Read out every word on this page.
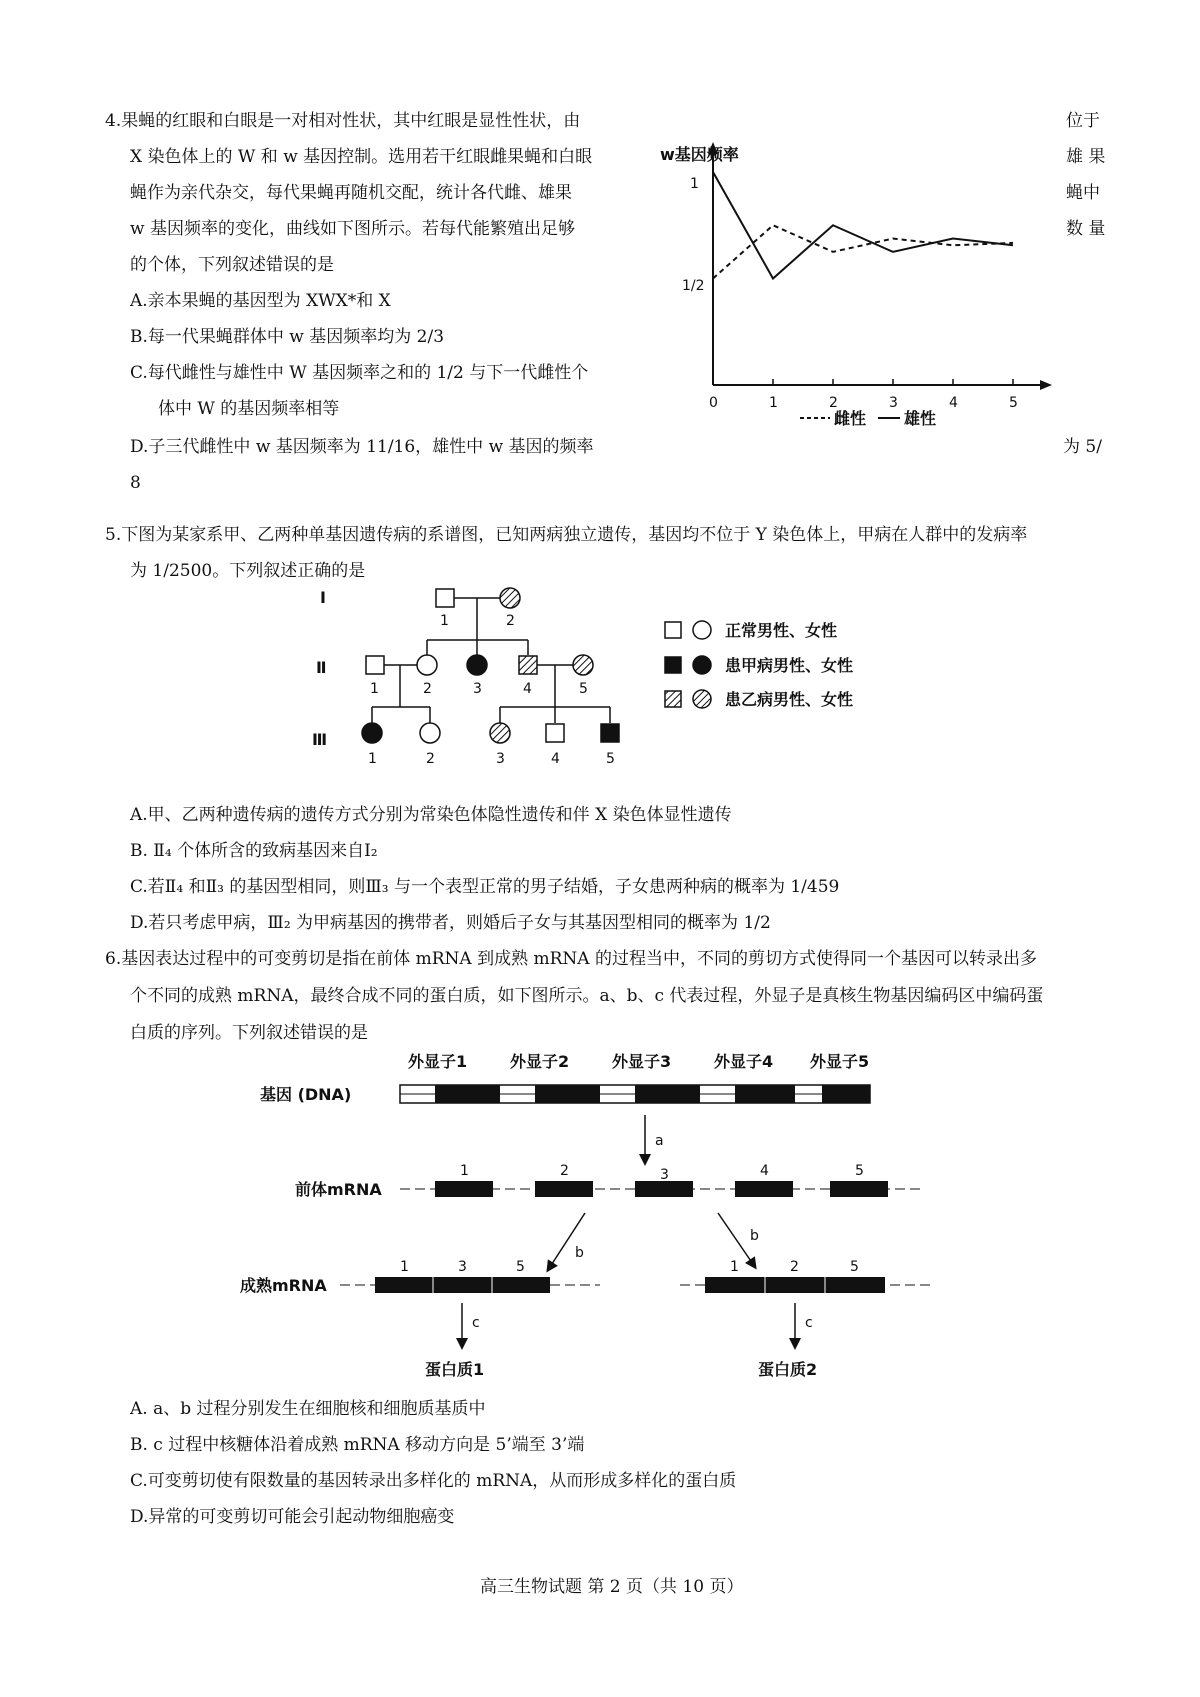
4.果蝇的红眼和白眼是一对相对性状，其中红眼是显性性状，由	位于
X 染色体上的 W 和 w 基因控制。选用若干红眼雌果蝇和白眼	雄 果
蝇作为亲代杂交，每代果蝇再随机交配，统计各代雌、雄果	蝇中
w 基因频率的变化，曲线如下图所示。若每代能繁殖出足够	数 量
的个体，下列叙述错误的是
A.亲本果蝇的基因型为 XWX*和 X
B.每一代果蝇群体中 w 基因频率均为 2/3
C.每代雌性与雄性中 W 基因频率之和的 1/2 与下一代雌性个
体中 W 的基因频率相等
D.子三代雌性中 w 基因频率为 11/16，雄性中 w 基因的频率	为 5/
8
w基因频率
1
1/2
0	1	2	3	4	5
雌性 雄性
5.下图为某家系甲、乙两种单基因遗传病的系谱图，已知两病独立遗传，基因均不位于 Y 染色体上，甲病在人群中的发病率
为 1/2500。下列叙述正确的是
Ⅰ
Ⅱ
Ⅲ
1	2
1	2	3	4	5
1	2	3	4	5
正常男性、女性
患甲病男性、女性
患乙病男性、女性
A.甲、乙两种遗传病的遗传方式分别为常染色体隐性遗传和伴 X 染色体显性遗传
B. Ⅱ₄ 个体所含的致病基因来自Ⅰ₂
C.若Ⅱ₄ 和Ⅱ₃ 的基因型相同，则Ⅲ₃ 与一个表型正常的男子结婚，子女患两种病的概率为 1/459
D.若只考虑甲病，Ⅲ₂ 为甲病基因的携带者，则婚后子女与其基因型相同的概率为 1/2
6.基因表达过程中的可变剪切是指在前体 mRNA 到成熟 mRNA 的过程当中，不同的剪切方式使得同一个基因可以转录出多
个不同的成熟 mRNA，最终合成不同的蛋白质，如下图所示。a、b、c 代表过程，外显子是真核生物基因编码区中编码蛋
白质的序列。下列叙述错误的是
外显子1	外显子2	外显子3	外显子4 外显子5
基因 (DNA)
a
前体mRNA
1	2	3	4	5
b
b
成熟mRNA
1	3	5	1	2	5
c	c
蛋白质1	蛋白质2
A. a、b 过程分别发生在细胞核和细胞质基质中
B. c 过程中核糖体沿着成熟 mRNA 移动方向是 5’端至 3’端
C.可变剪切使有限数量的基因转录出多样化的 mRNA，从而形成多样化的蛋白质
D.异常的可变剪切可能会引起动物细胞癌变
高三生物试题 第 2 页（共 10 页）
